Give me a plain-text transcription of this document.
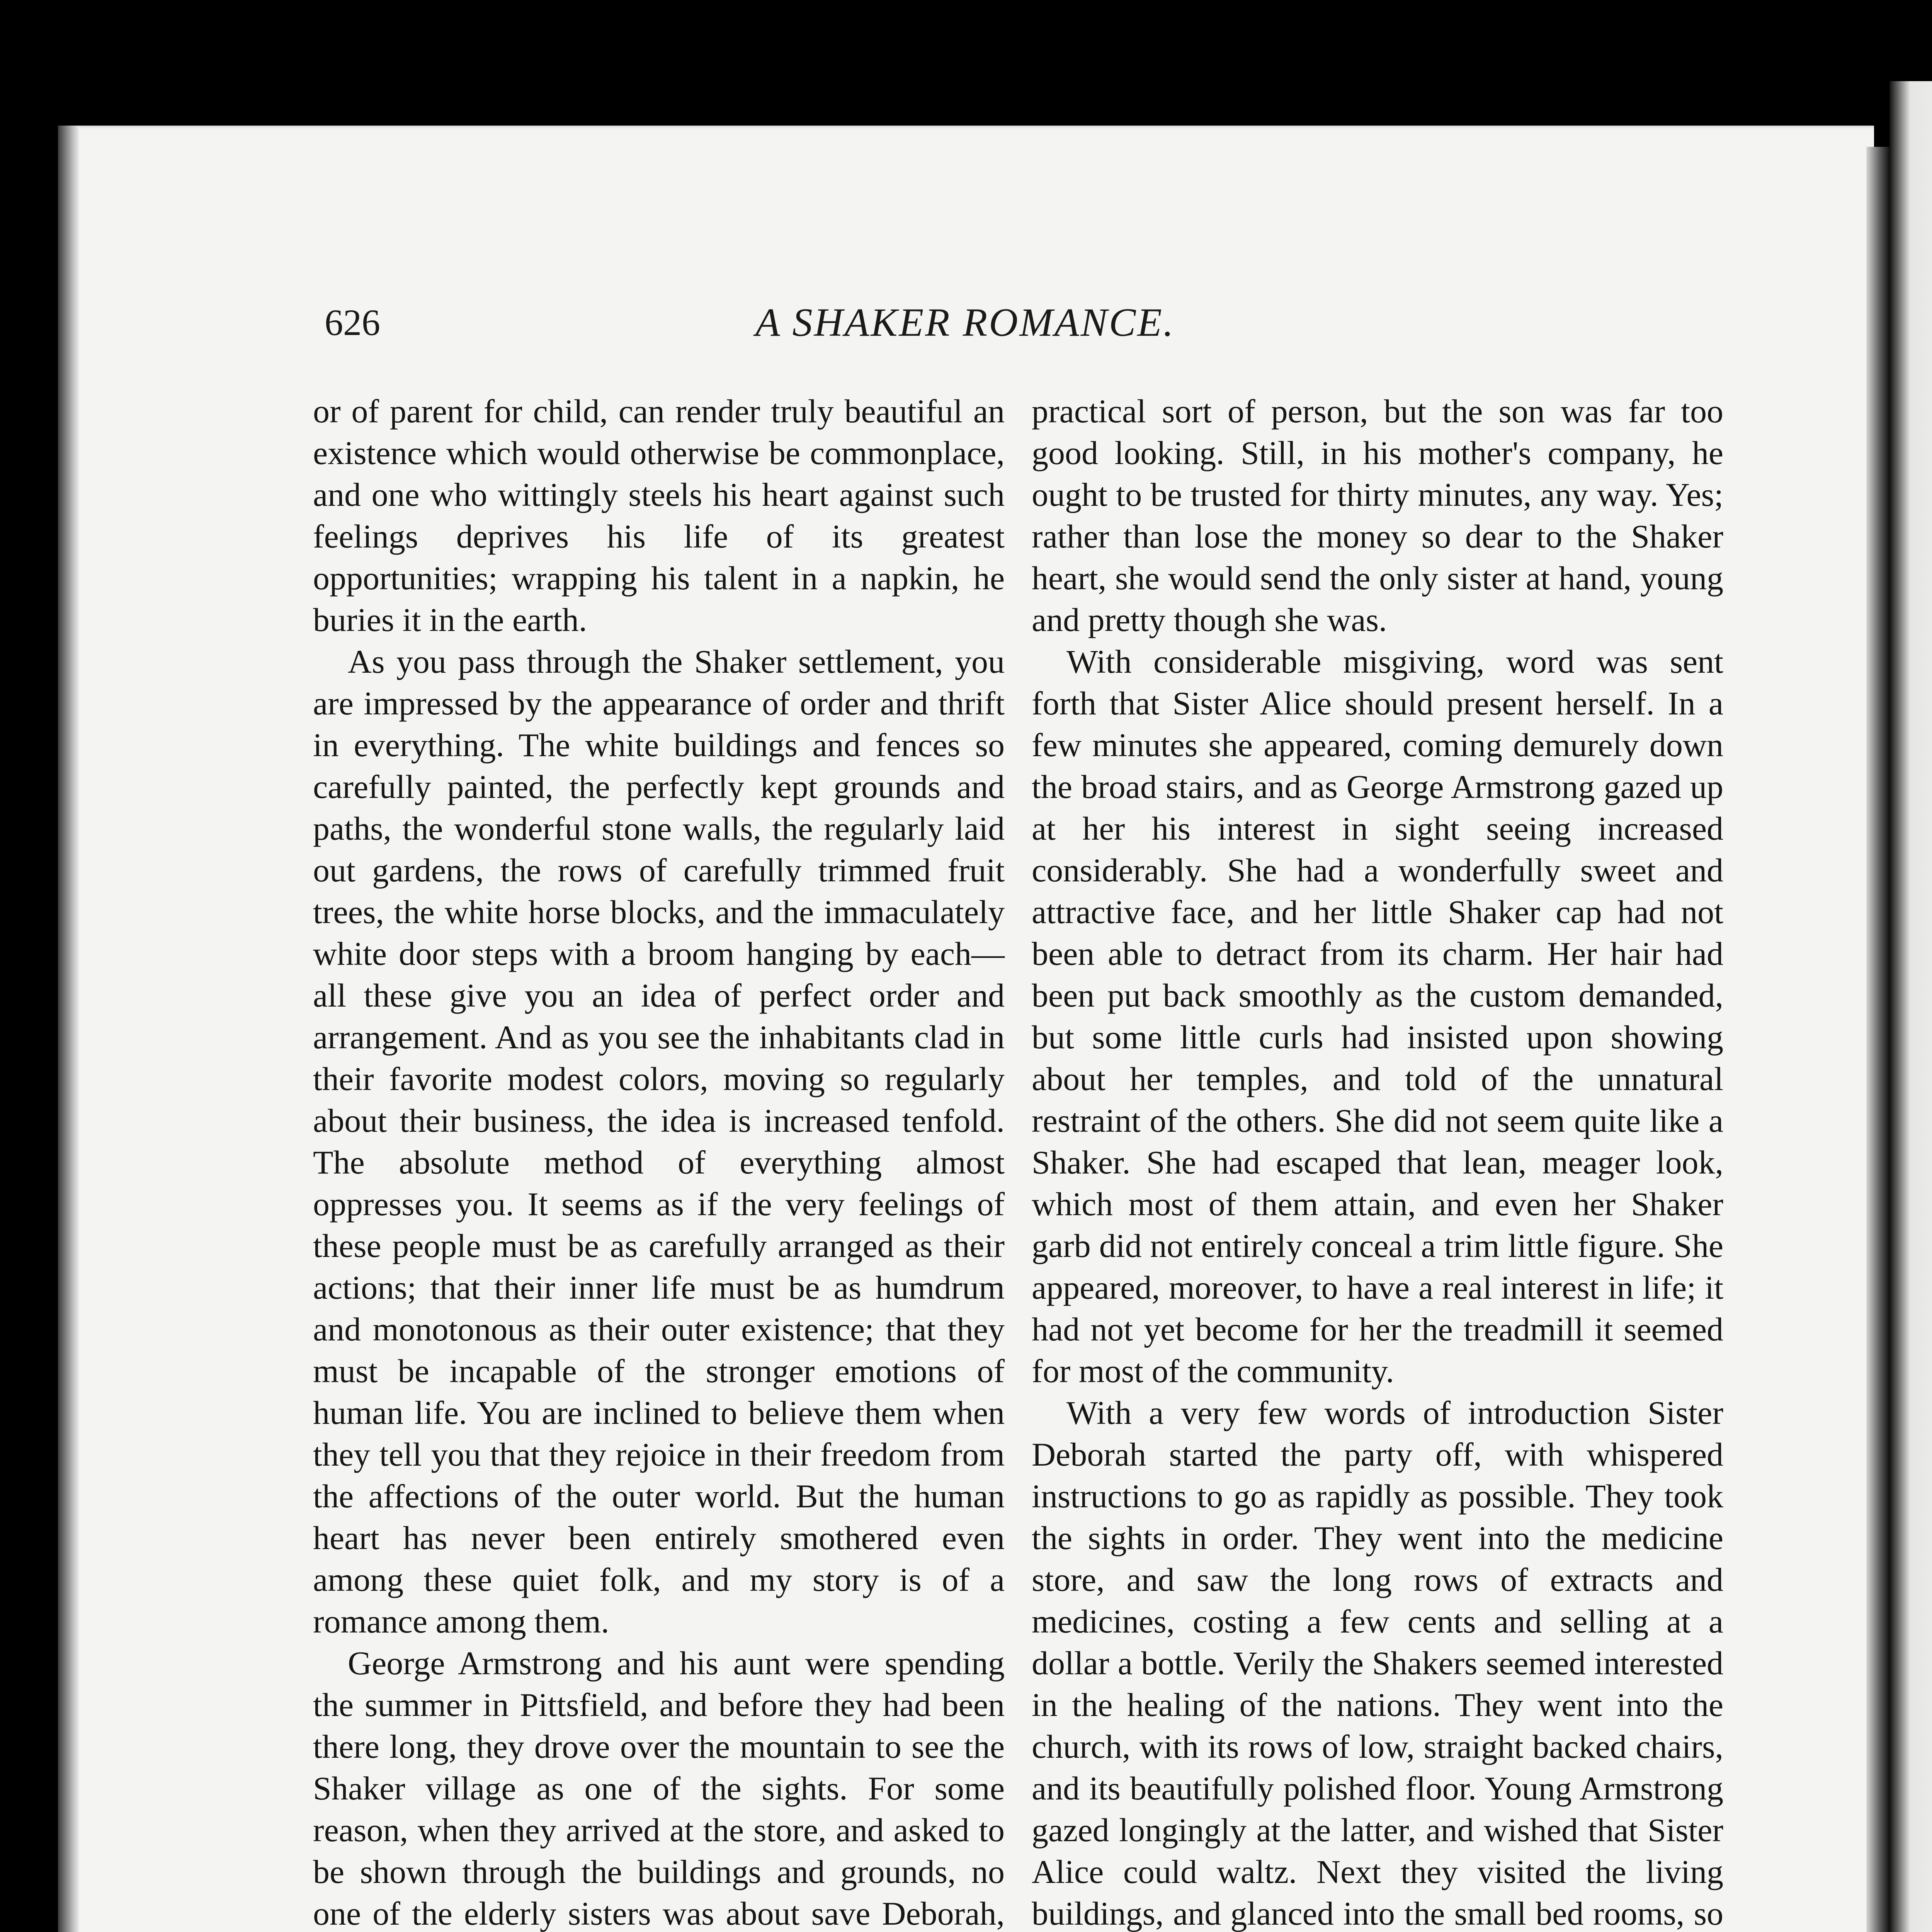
626	A SHAKER ROMANCE.

or of parent for child, can render truly beautiful an existence which would otherwise be commonplace, and one who wittingly steels his heart against such feelings deprives his life of its greatest opportunities; wrapping his talent in a napkin, he buries it in the earth.

As you pass through the Shaker settlement, you are impressed by the appearance of order and thrift in everything. The white buildings and fences so carefully painted, the perfectly kept grounds and paths, the wonderful stone walls, the regularly laid out gardens, the rows of carefully trimmed fruit trees, the white horse blocks, and the immaculately white door steps with a broom hanging by each—all these give you an idea of perfect order and arrangement. And as you see the inhabitants clad in their favorite modest colors, moving so regularly about their business, the idea is increased tenfold. The absolute method of everything almost oppresses you. It seems as if the very feelings of these people must be as carefully arranged as their actions; that their inner life must be as humdrum and monotonous as their outer existence; that they must be incapable of the stronger emotions of human life. You are inclined to believe them when they tell you that they rejoice in their freedom from the affections of the outer world. But the human heart has never been entirely smothered even among these quiet folk, and my story is of a romance among them.

George Armstrong and his aunt were spending the summer in Pittsfield, and before they had been there long, they drove over the mountain to see the Shaker village as one of the sights. For some reason, when they arrived at the store, and asked to be shown through the buildings and grounds, no one of the elderly sisters was about save Deborah,

practical sort of person, but the son was far too good looking. Still, in his mother's company, he ought to be trusted for thirty minutes, any way. Yes; rather than lose the money so dear to the Shaker heart, she would send the only sister at hand, young and pretty though she was.

With considerable misgiving, word was sent forth that Sister Alice should present herself. In a few minutes she appeared, coming demurely down the broad stairs, and as George Armstrong gazed up at her his interest in sight seeing increased considerably. She had a wonderfully sweet and attractive face, and her little Shaker cap had not been able to detract from its charm. Her hair had been put back smoothly as the custom demanded, but some little curls had insisted upon showing about her temples, and told of the unnatural restraint of the others. She did not seem quite like a Shaker. She had escaped that lean, meager look, which most of them attain, and even her Shaker garb did not entirely conceal a trim little figure. She appeared, moreover, to have a real interest in life; it had not yet become for her the treadmill it seemed for most of the community.

With a very few words of introduction Sister Deborah started the party off, with whispered instructions to go as rapidly as possible. They took the sights in order. They went into the medicine store, and saw the long rows of extracts and medicines, costing a few cents and selling at a dollar a bottle. Verily the Shakers seemed interested in the healing of the nations. They went into the church, with its rows of low, straight backed chairs, and its beautifully polished floor. Young Armstrong gazed longingly at the latter, and wished that Sister Alice could waltz. Next they visited the living buildings, and glanced into the small bed rooms, so
